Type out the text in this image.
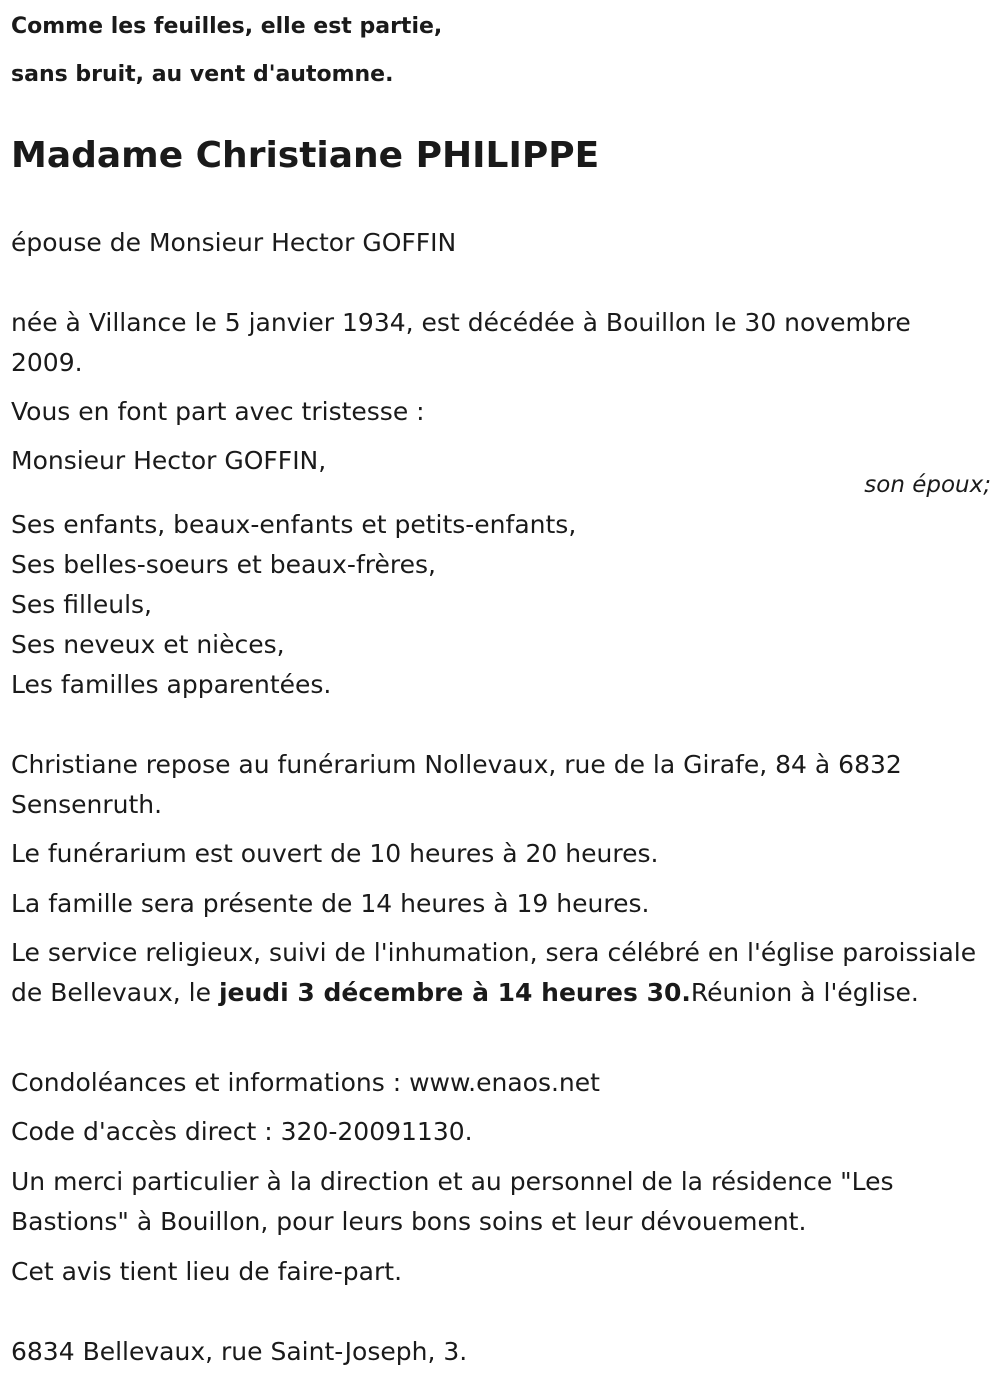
Comme les feuilles, elle est partie,
sans bruit, au vent d'automne.
Madame Christiane PHILIPPE

épouse de Monsieur Hector GOFFIN

née à Villance le 5 janvier 1934, est décédée à Bouillon le 30 novembre 2009.

Vous en font part avec tristesse :

Monsieur Hector GOFFIN,

Ses enfants, beaux-enfants et petits-enfants,
Ses belles-soeurs et beaux-frères,
Ses filleuls,
Ses neveux et nièces,
Les familles apparentées.

Christiane repose au funérarium Nollevaux, rue de la Girafe, 84 à 6832 Sensenruth.

Le funérarium est ouvert de 10 heures à 20 heures.

La famille sera présente de 14 heures à 19 heures.

Le service religieux, suivi de l'inhumation, sera célébré en l'église paroissiale de Bellevaux, le jeudi 3 décembre à 14 heures 30.Réunion à l'église.

Condoléances et informations : www.enaos.net

Code d'accès direct : 320-20091130.

Un merci particulier à la direction et au personnel de la résidence "Les Bastions" à Bouillon, pour leurs bons soins et leur dévouement.

Cet avis tient lieu de faire-part.

6834 Bellevaux, rue Saint-Joseph, 3.

son époux;
